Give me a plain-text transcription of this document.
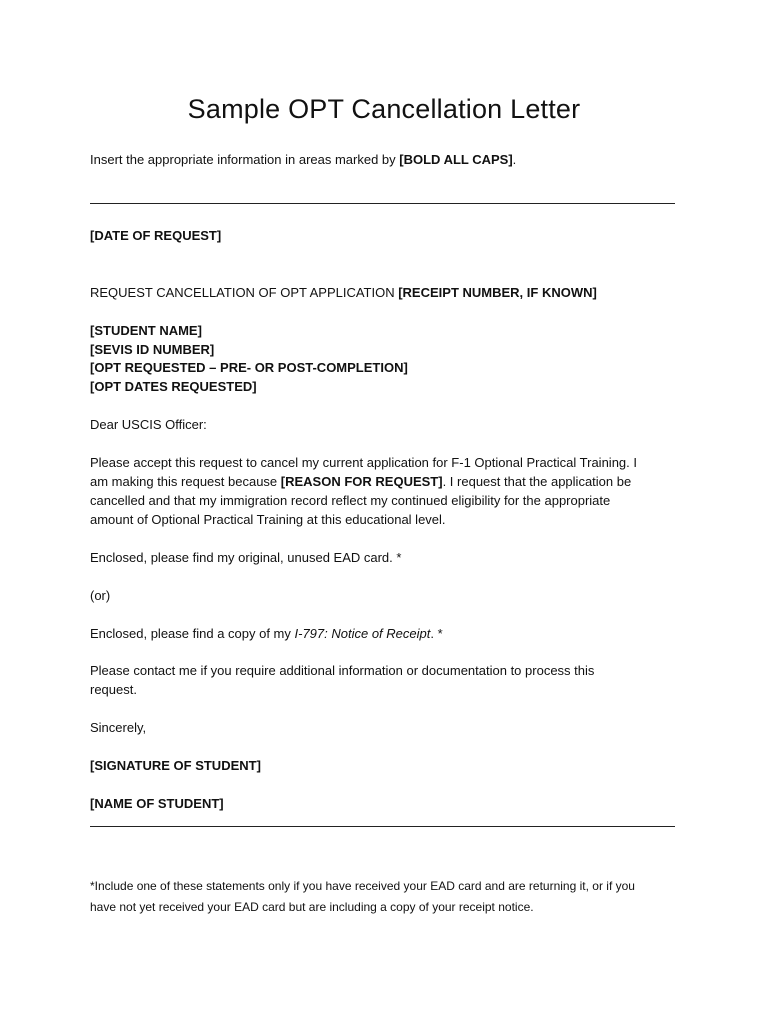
Sample OPT Cancellation Letter
Insert the appropriate information in areas marked by [BOLD ALL CAPS].
[DATE OF REQUEST]
REQUEST CANCELLATION OF OPT APPLICATION [RECEIPT NUMBER, IF KNOWN]
[STUDENT NAME]
[SEVIS ID NUMBER]
[OPT REQUESTED – PRE- OR POST-COMPLETION]
[OPT DATES REQUESTED]
Dear USCIS Officer:
Please accept this request to cancel my current application for F-1 Optional Practical Training. I
am making this request because [REASON FOR REQUEST]. I request that the application be
cancelled and that my immigration record reflect my continued eligibility for the appropriate
amount of Optional Practical Training at this educational level.
Enclosed, please find my original, unused EAD card. *
(or)
Enclosed, please find a copy of my I-797: Notice of Receipt. *
Please contact me if you require additional information or documentation to process this
request.
Sincerely,
[SIGNATURE OF STUDENT]
[NAME OF STUDENT]
*Include one of these statements only if you have received your EAD card and are returning it, or if you
have not yet received your EAD card but are including a copy of your receipt notice.
